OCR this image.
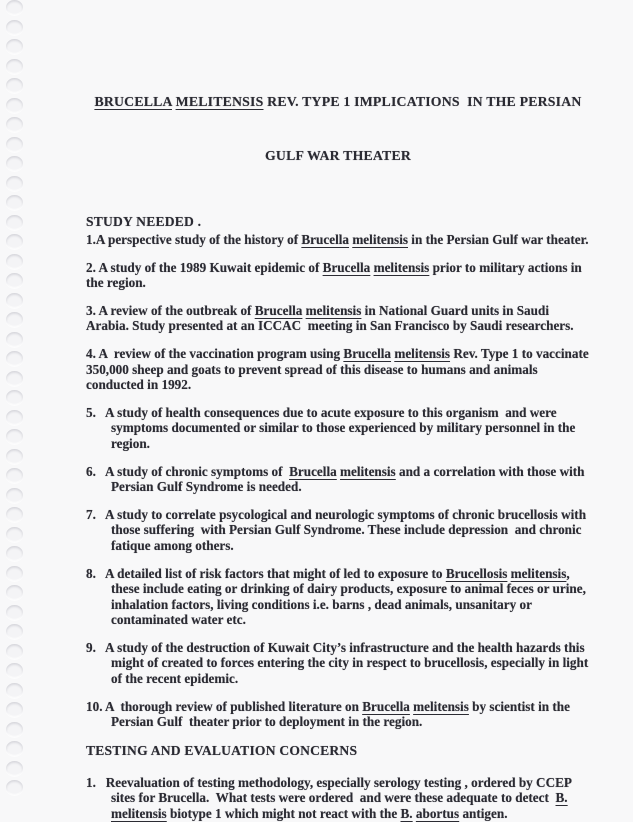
BRUCELLA MELITENSIS REV. TYPE 1 IMPLICATIONS  IN THE PERSIAN

GULF WAR THEATER

STUDY NEEDED .
1.A perspective study of the history of Brucella melitensis in the Persian Gulf war theater.
2. A study of the 1989 Kuwait epidemic of Brucella melitensis prior to military actions in the region.
3. A review of the outbreak of Brucella melitensis in National Guard units in Saudi Arabia. Study presented at an ICCAC  meeting in San Francisco by Saudi researchers.
4. A  review of the vaccination program using Brucella melitensis Rev. Type 1 to vaccinate 350,000 sheep and goats to prevent spread of this disease to humans and animals conducted in 1992.
5.   A study of health consequences due to acute exposure to this organism  and were symptoms documented or similar to those experienced by military personnel in the region.
6.   A study of chronic symptoms of  Brucella melitensis and a correlation with those with Persian Gulf Syndrome is needed.
7.   A study to correlate psycological and neurologic symptoms of chronic brucellosis with those suffering  with Persian Gulf Syndrome. These include depression  and chronic fatique among others.
8.   A detailed list of risk factors that might of led to exposure to Brucellosis melitensis, these include eating or drinking of dairy products, exposure to animal feces or urine, inhalation factors, living conditions i.e. barns , dead animals, unsanitary or contaminated water etc.
9.   A study of the destruction of Kuwait City’s infrastructure and the health hazards this might of created to forces entering the city in respect to brucellosis, especially in light of the recent epidemic.
10. A  thorough review of published literature on Brucella melitensis by scientist in the Persian Gulf  theater prior to deployment in the region.
TESTING AND EVALUATION CONCERNS
1.   Reevaluation of testing methodology, especially serology testing , ordered by CCEP  sites for Brucella.  What tests were ordered  and were these adequate to detect  B. melitensis biotype 1 which might not react with the B. abortus antigen.
